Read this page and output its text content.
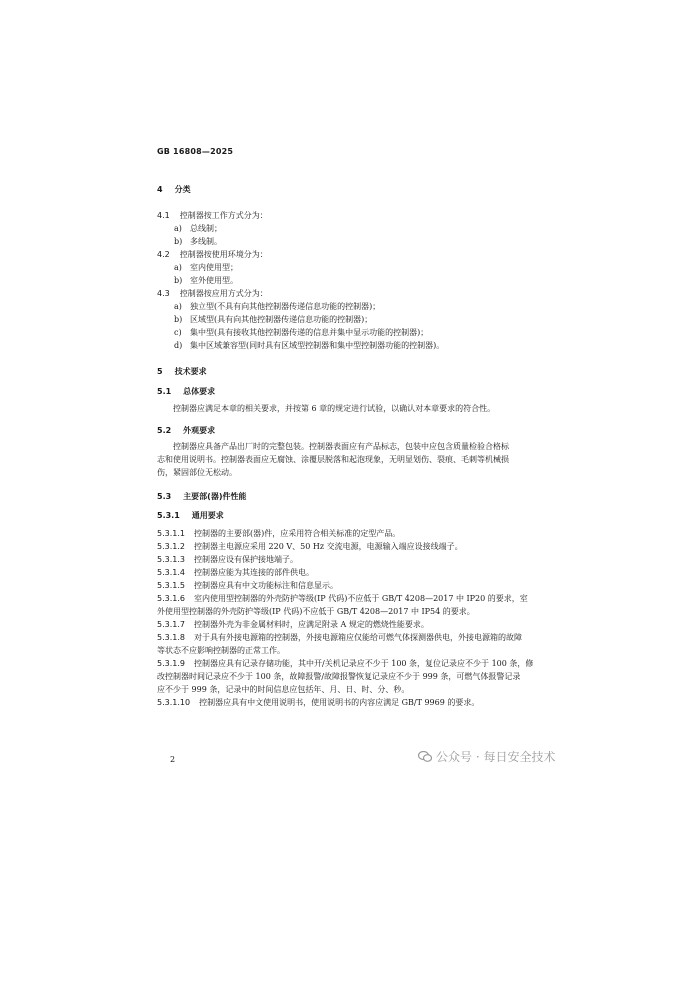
GB 16808—2025
4 分类
4.1 控制器按工作方式分为：
a) 总线制；
b) 多线制。
4.2 控制器按使用环境分为：
a) 室内使用型；
b) 室外使用型。
4.3 控制器按应用方式分为：
a) 独立型(不具有向其他控制器传递信息功能的控制器)；
b) 区域型(具有向其他控制器传递信息功能的控制器)；
c) 集中型(具有接收其他控制器传递的信息并集中显示功能的控制器)；
d) 集中区域兼容型(同时具有区域型控制器和集中型控制器功能的控制器)。
5 技术要求
5.1 总体要求
控制器应满足本章的相关要求，并按第 6 章的规定进行试验，以确认对本章要求的符合性。
5.2 外观要求
控制器应具备产品出厂时的完整包装。控制器表面应有产品标志，包装中应包含质量检验合格标
志和使用说明书。控制器表面应无腐蚀、涂覆层脱落和起泡现象，无明显划伤、裂痕、毛刺等机械损
伤，紧固部位无松动。
5.3 主要部(器)件性能
5.3.1 通用要求
5.3.1.1 控制器的主要部(器)件，应采用符合相关标准的定型产品。
5.3.1.2 控制器主电源应采用 220 V、50 Hz 交流电源，电源输入端应设接线端子。
5.3.1.3 控制器应设有保护接地端子。
5.3.1.4 控制器应能为其连接的部件供电。
5.3.1.5 控制器应具有中文功能标注和信息显示。
5.3.1.6 室内使用型控制器的外壳防护等级(IP 代码)不应低于 GB/T 4208—2017 中 IP20 的要求，室
外使用型控制器的外壳防护等级(IP 代码)不应低于 GB/T 4208—2017 中 IP54 的要求。
5.3.1.7 控制器外壳为非金属材料时，应满足附录 A 规定的燃烧性能要求。
5.3.1.8 对于具有外接电源箱的控制器，外接电源箱应仅能给可燃气体探测器供电，外接电源箱的故障
等状态不应影响控制器的正常工作。
5.3.1.9 控制器应具有记录存储功能，其中开/关机记录应不少于 100 条，复位记录应不少于 100 条，修
改控制器时间记录应不少于 100 条，故障报警/故障报警恢复记录应不少于 999 条，可燃气体报警记录
应不少于 999 条，记录中的时间信息应包括年、月、日、时、分、秒。
5.3.1.10 控制器应具有中文使用说明书，使用说明书的内容应满足 GB/T 9969 的要求。
2	公众号 · 每日安全技术
